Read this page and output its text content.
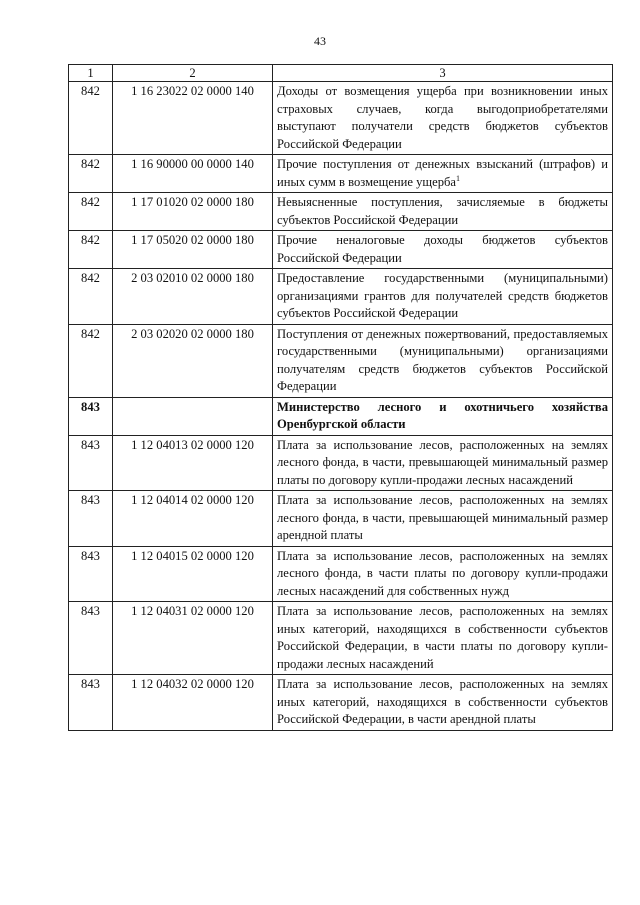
43
1	2	3
842	1 16 23022 02 0000 140	Доходы от возмещения ущерба при возникновении иных страховых случаев, когда выгодоприобретателями выступают получатели средств бюджетов субъектов Российской Федерации
842	1 16 90000 00 0000 140	Прочие поступления от денежных взысканий (штрафов) и иных сумм в возмещение ущерба$^1$
842	1 17 01020 02 0000 180	Невыясненные поступления, зачисляемые в бюджеты субъектов Российской Федерации
842	1 17 05020 02 0000 180	Прочие неналоговые доходы бюджетов субъектов Российской Федерации
842	2 03 02010 02 0000 180	Предоставление государственными (муниципальными) организациями грантов для получателей средств бюджетов субъектов Российской Федерации
842	2 03 02020 02 0000 180	Поступления от денежных пожертвований, предоставляемых государственными (муниципальными) организациями получателям средств бюджетов субъектов Российской Федерации
843		Министерство лесного и охотничьего хозяйства Оренбургской области
843	1 12 04013 02 0000 120	Плата за использование лесов, расположенных на землях лесного фонда, в части, превышающей минимальный размер платы по договору купли-продажи лесных насаждений
843	1 12 04014 02 0000 120	Плата за использование лесов, расположенных на землях лесного фонда, в части, превышающей минимальный размер арендной платы
843	1 12 04015 02 0000 120	Плата за использование лесов, расположенных на землях лесного фонда, в части платы по договору купли-продажи лесных насаждений для собственных нужд
843	1 12 04031 02 0000 120	Плата за использование лесов, расположенных на землях иных категорий, находящихся в собственности субъектов Российской Федерации, в части платы по договору купли-продажи лесных насаждений
843	1 12 04032 02 0000 120	Плата за использование лесов, расположенных на землях иных категорий, находящихся в собственности субъектов Российской Федерации, в части арендной платы
